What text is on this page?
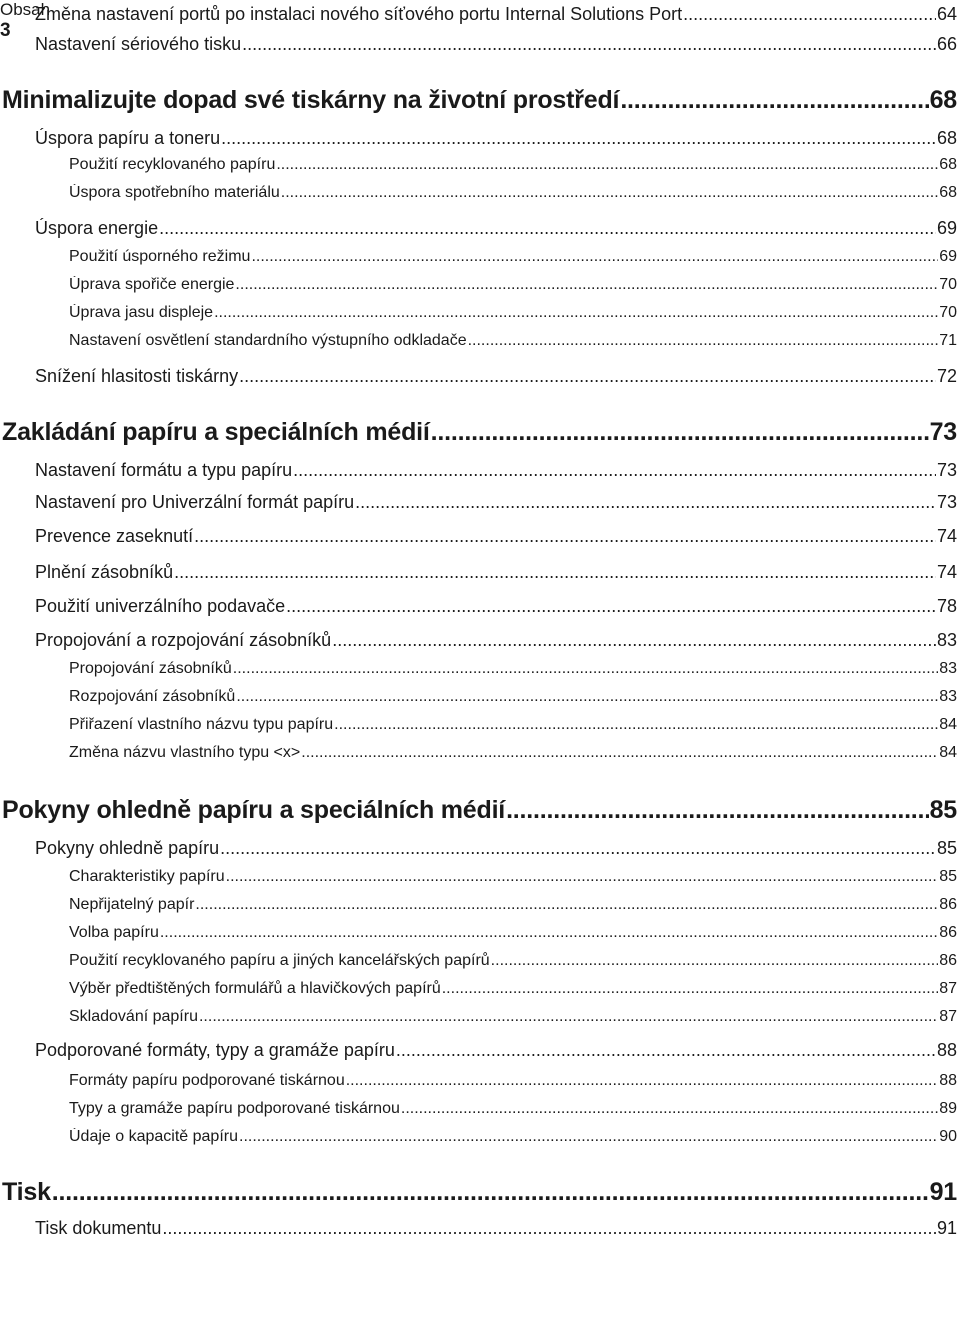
Změna nastavení portů po instalaci nového síťového portu Internal Solutions Port .....	64
Nastavení sériového tisku .....	66
Minimalizujte dopad své tiskárny na životní prostředí .....	68
Úspora papíru a toneru .....	68
Použití recyklovaného papíru .....	68
Úspora spotřebního materiálu .....	68
Úspora energie .....	69
Použití úsporného režimu .....	69
Úprava spořiče energie .....	70
Úprava jasu displeje .....	70
Nastavení osvětlení standardního výstupního odkladače .....	71
Snížení hlasitosti tiskárny .....	72
Zakládání papíru a speciálních médií .....	73
Nastavení formátu a typu papíru .....	73
Nastavení pro Univerzální formát papíru .....	73
Prevence zaseknutí .....	74
Plnění zásobníků .....	74
Použití univerzálního podavače .....	78
Propojování a rozpojování zásobníků .....	83
Propojování zásobníků .....	83
Rozpojování zásobníků .....	83
Přiřazení vlastního názvu typu papíru .....	84
Změna názvu vlastního typu <x> .....	84
Pokyny ohledně papíru a speciálních médií .....	85
Pokyny ohledně papíru .....	85
Charakteristiky papíru .....	85
Nepřijatelný papír .....	86
Volba papíru .....	86
Použití recyklovaného papíru a jiných kancelářských papírů .....	86
Výběr předtištěných formulářů a hlavičkových papírů .....	87
Skladování papíru .....	87
Podporované formáty, typy a gramáže papíru .....	88
Formáty papíru podporované tiskárnou .....	88
Typy a gramáže papíru podporované tiskárnou .....	89
Údaje o kapacitě papíru .....	90
Tisk .....	91
Tisk dokumentu .....	91
Obsah
3
